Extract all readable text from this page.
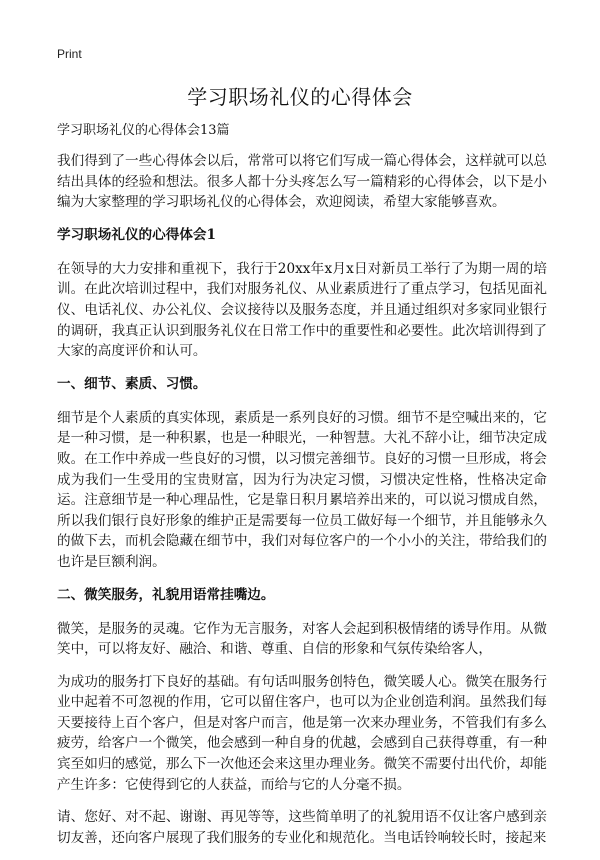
Print
学习职场礼仪的心得体会

学习职场礼仪的心得体会13篇

我们得到了一些心得体会以后，常常可以将它们写成一篇心得体会，这样就可以总结出具体的经验和想法。很多人都十分头疼怎么写一篇精彩的心得体会，以下是小编为大家整理的学习职场礼仪的心得体会，欢迎阅读，希望大家能够喜欢。

学习职场礼仪的心得体会1

在领导的大力安排和重视下，我行于20xx年x月x日对新员工举行了为期一周的培训。在此次培训过程中，我们对服务礼仪、从业素质进行了重点学习，包括见面礼仪、电话礼仪、办公礼仪、会议接待以及服务态度，并且通过组织对多家同业银行的调研，我真正认识到服务礼仪在日常工作中的重要性和必要性。此次培训得到了大家的高度评价和认可。

一、细节、素质、习惯。

细节是个人素质的真实体现，素质是一系列良好的习惯。细节不是空喊出来的，它是一种习惯，是一种积累，也是一种眼光，一种智慧。大礼不辞小让，细节决定成败。在工作中养成一些良好的习惯，以习惯完善细节。良好的习惯一旦形成，将会成为我们一生受用的宝贵财富，因为行为决定习惯，习惯决定性格，性格决定命运。注意细节是一种心理品性，它是靠日积月累培养出来的，可以说习惯成自然，所以我们银行良好形象的维护正是需要每一位员工做好每一个细节，并且能够永久的做下去，而机会隐藏在细节中，我们对每位客户的一个小小的关注，带给我们的也许是巨额利润。

二、微笑服务，礼貌用语常挂嘴边。

微笑，是服务的灵魂。它作为无言服务，对客人会起到积极情绪的诱导作用。从微笑中，可以将友好、融洽、和谐、尊重、自信的形象和气氛传染给客人，

为成功的服务打下良好的基础。有句话叫服务创特色，微笑暖人心。微笑在服务行业中起着不可忽视的作用，它可以留住客户，也可以为企业创造利润。虽然我们每天要接待上百个客户，但是对客户而言，他是第一次来办理业务，不管我们有多么疲劳，给客户一个微笑，他会感到一种自身的优越，会感到自己获得尊重，有一种宾至如归的感觉，那么下一次他还会来这里办理业务。微笑不需要付出代价，却能产生许多：它使得到它的人获益，而给与它的人分毫不损。

请、您好、对不起、谢谢、再见等等，这些简单明了的礼貌用语不仅让客户感到亲切友善，还向客户展现了我们服务的专业化和规范化。当电话铃响较长时，接起来
